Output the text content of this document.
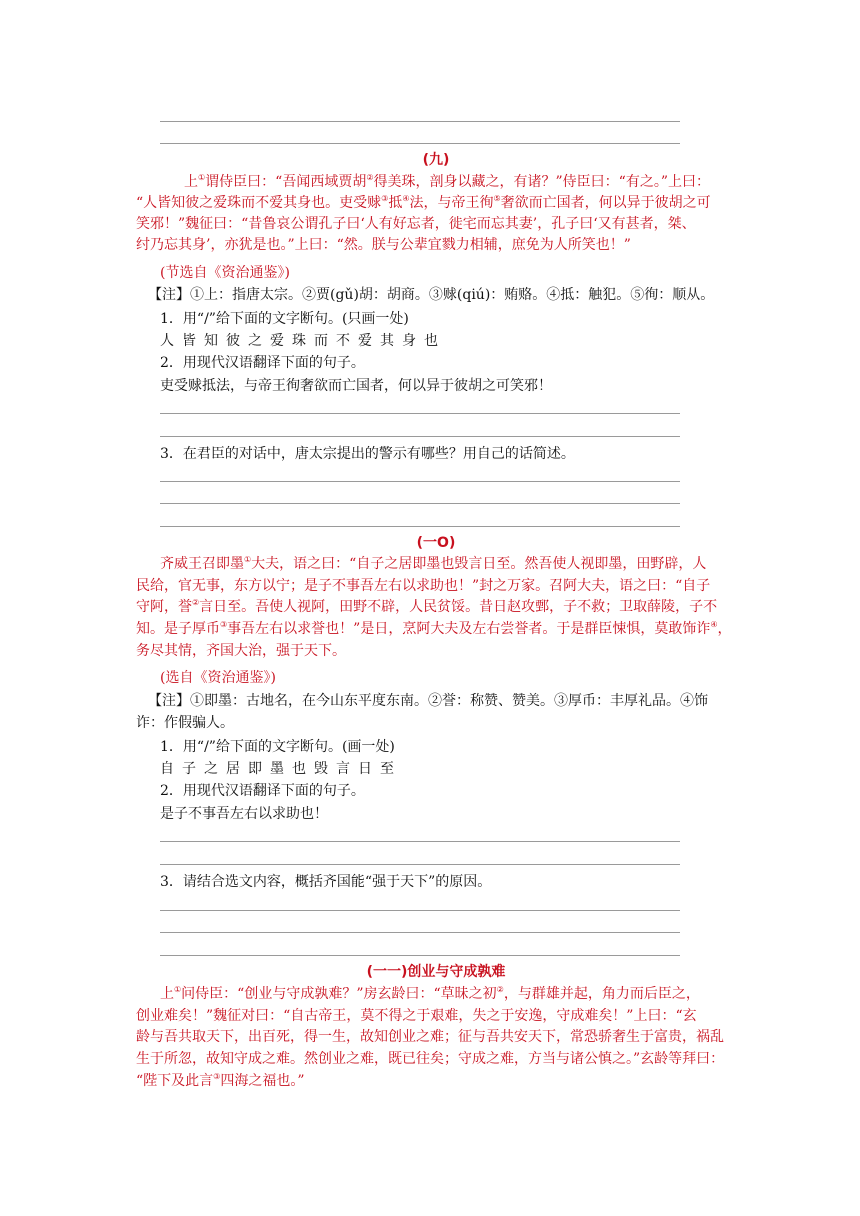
(九)
上①谓侍臣曰：“吾闻西域贾胡②得美珠，剖身以藏之，有诸？”侍臣曰：“有之。”上曰：
“人皆知彼之爱珠而不爱其身也。吏受赇③抵④法，与帝王徇⑤奢欲而亡国者，何以异于彼胡之可
笑邪！”魏征曰：“昔鲁哀公谓孔子曰‘人有好忘者，徙宅而忘其妻’，孔子曰‘又有甚者，桀、
纣乃忘其身’，亦犹是也。”上曰：“然。朕与公辈宜戮力相辅，庶免为人所笑也！”
(节选自《资治通鉴》)
【注】①上：指唐太宗。②贾(gǔ)胡：胡商。③赇(qiú)：贿赂。④抵：触犯。⑤徇：顺从。
1．用“/”给下面的文字断句。(只画一处)
人皆知彼之爱珠而不爱其身也
2．用现代汉语翻译下面的句子。
吏受赇抵法，与帝王徇奢欲而亡国者，何以异于彼胡之可笑邪！
3．在君臣的对话中，唐太宗提出的警示有哪些？用自己的话简述。
(一O)
齐威王召即墨①大夫，语之曰：“自子之居即墨也毁言日至。然吾使人视即墨，田野辟，人
民给，官无事，东方以宁；是子不事吾左右以求助也！”封之万家。召阿大夫，语之曰：“自子
守阿，誉②言日至。吾使人视阿，田野不辟，人民贫馁。昔日赵攻鄄，子不救；卫取薛陵，子不
知。是子厚币③事吾左右以求誉也！”是日，烹阿大夫及左右尝誉者。于是群臣悚惧，莫敢饰诈④，
务尽其情，齐国大治，强于天下。
(选自《资治通鉴》)
【注】①即墨：古地名，在今山东平度东南。②誉：称赞、赞美。③厚币：丰厚礼品。④饰
诈：作假骗人。
1．用“/”给下面的文字断句。(画一处)
自子之居即墨也毁言日至
2．用现代汉语翻译下面的句子。
是子不事吾左右以求助也！
3．请结合选文内容，概括齐国能“强于天下”的原因。
(一一)创业与守成孰难
上①问侍臣：“创业与守成孰难？”房玄龄曰：“草昧之初②，与群雄并起，角力而后臣之，
创业难矣！”魏征对曰：“自古帝王，莫不得之于艰难，失之于安逸，守成难矣！”上曰：“玄
龄与吾共取天下，出百死，得一生，故知创业之难；征与吾共安天下，常恐骄奢生于富贵，祸乱
生于所忽，故知守成之难。然创业之难，既已往矣；守成之难，方当与诸公慎之。”玄龄等拜曰：
“陛下及此言③四海之福也。”
